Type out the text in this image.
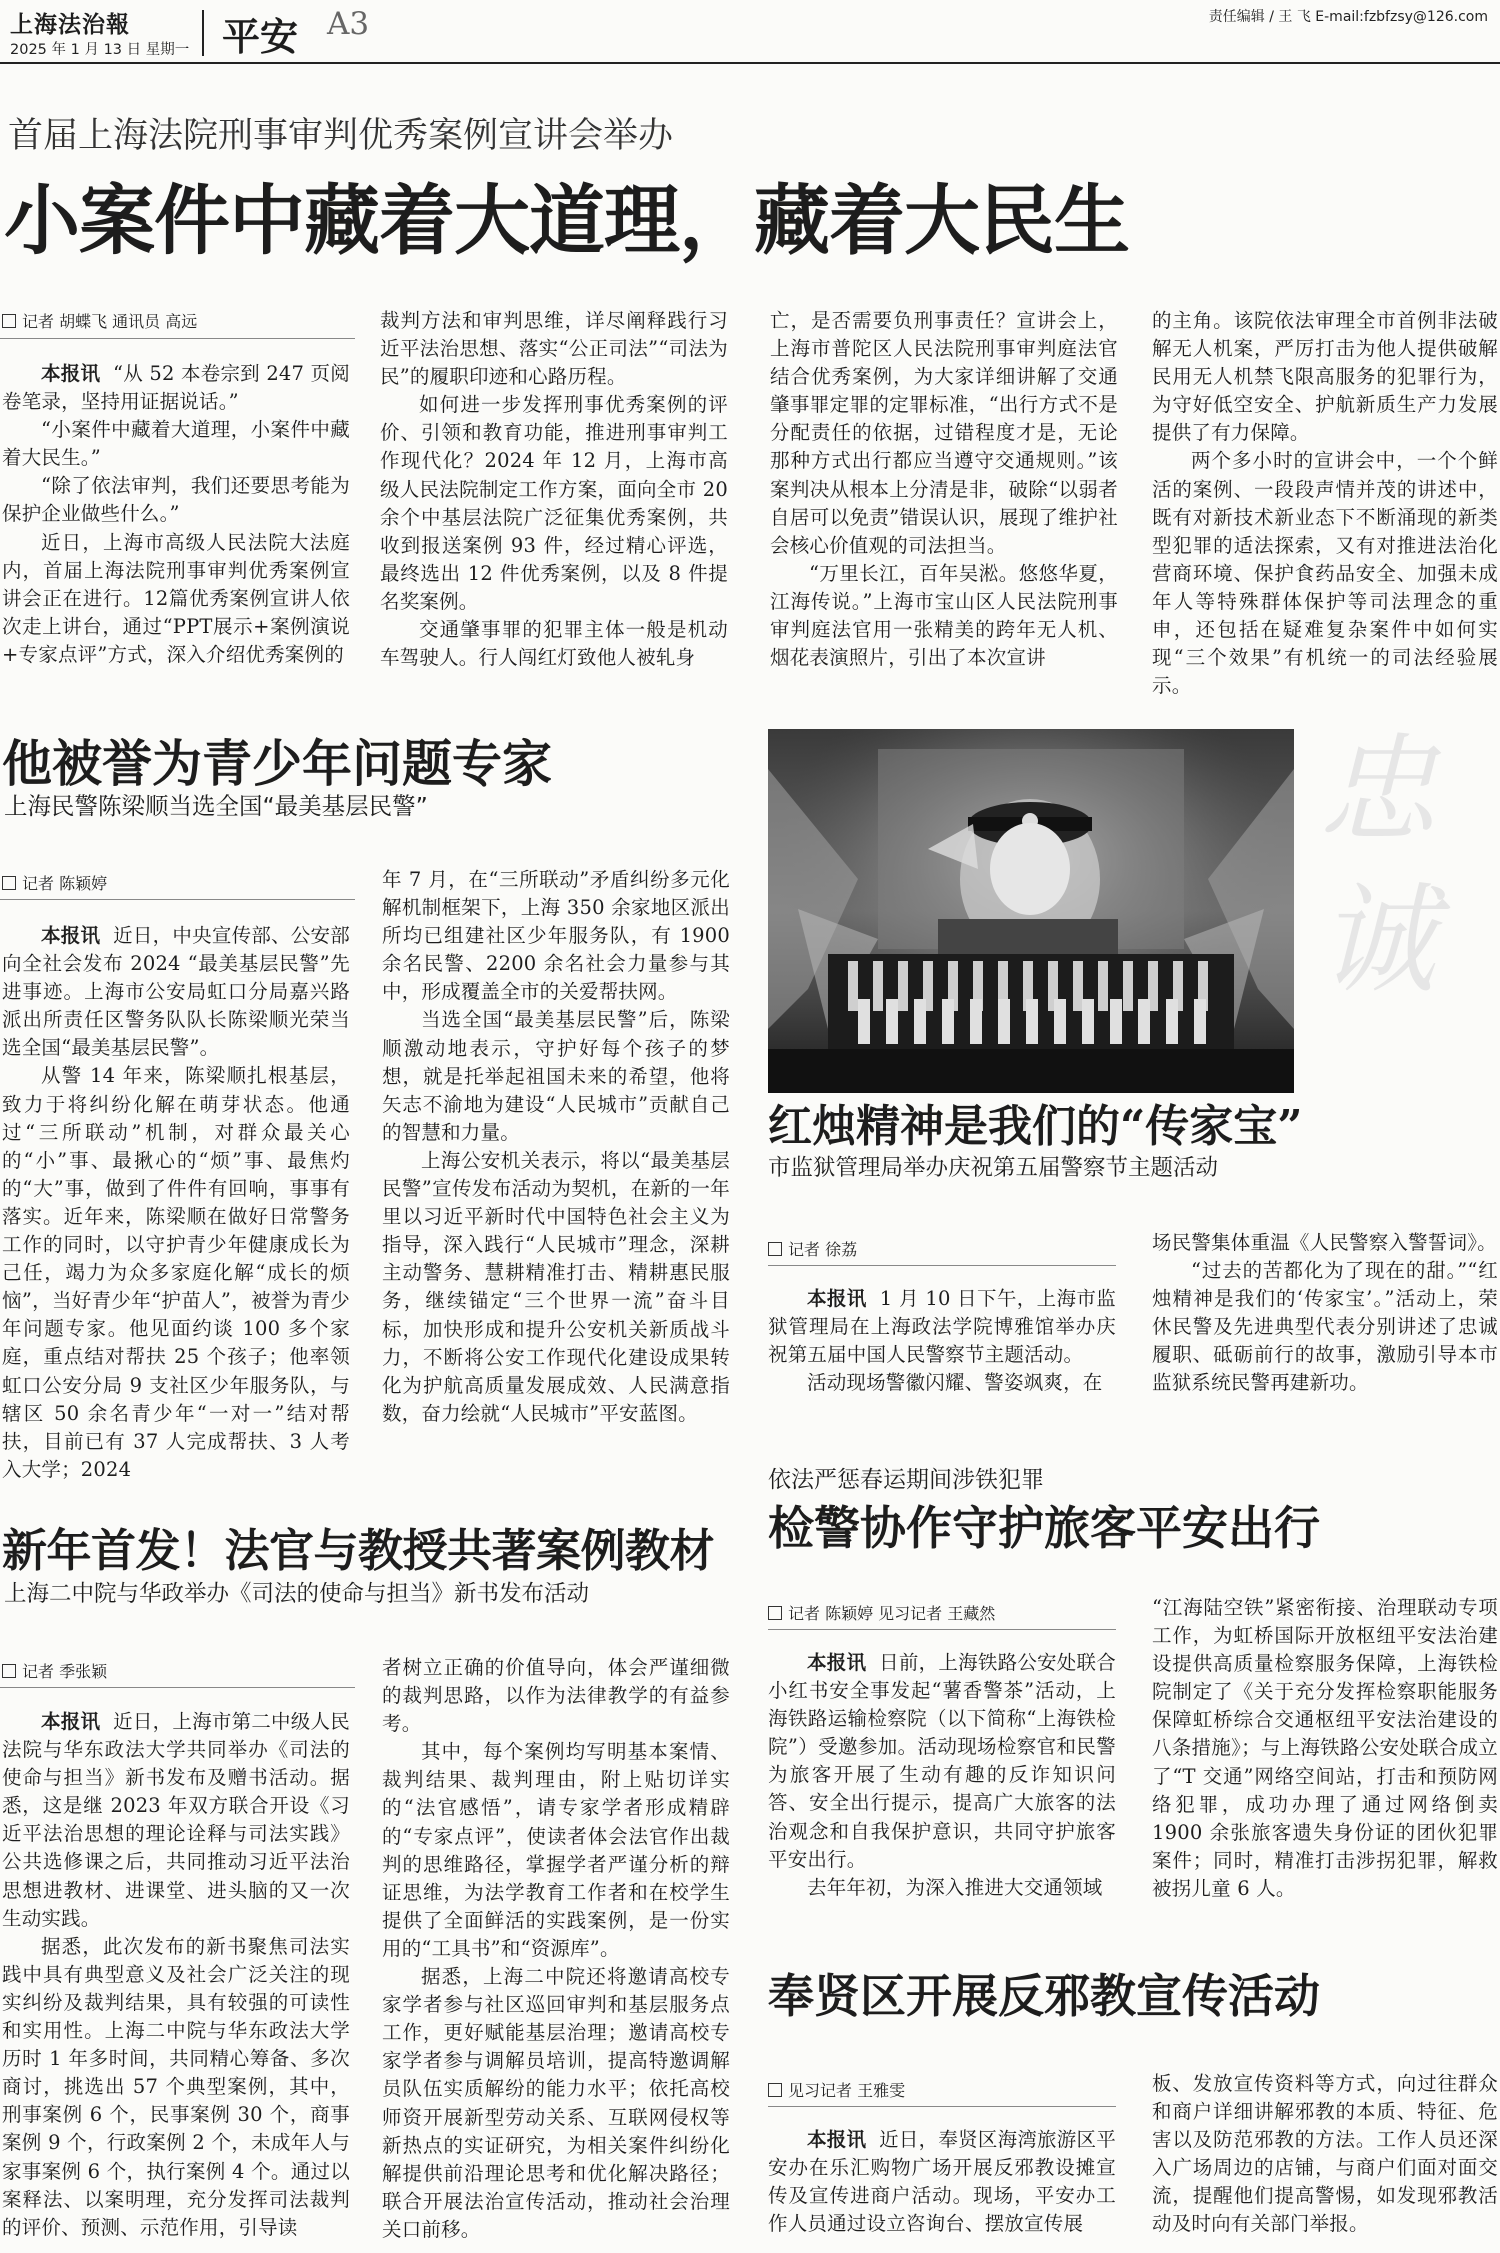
上海法治報
2025 年 1 月 13 日 星期一 平安 A3	责任编辑 / 王 飞 E-mail:fzbfzsy@126.com
首届上海法院刑事审判优秀案例宣讲会举办
小案件中藏着大道理，藏着大民生
记者 胡蝶飞 通讯员 高远

本报讯 “从 52 本卷宗到 247 页阅卷笔录，坚持用证据说话。”

“小案件中藏着大道理，小案件中藏着大民生。”

“除了依法审判，我们还要思考能为保护企业做些什么。”

近日，上海市高级人民法院大法庭内，首届上海法院刑事审判优秀案例宣讲会正在进行。12篇优秀案例宣讲人依次走上讲台，通过“PPT展示+案例演说+专家点评”方式，深入介绍优秀案例的

裁判方法和审判思维，详尽阐释践行习近平法治思想、落实“公正司法”“司法为民”的履职印迹和心路历程。

如何进一步发挥刑事优秀案例的评价、引领和教育功能，推进刑事审判工作现代化？2024 年 12 月，上海市高级人民法院制定工作方案，面向全市 20 余个中基层法院广泛征集优秀案例，共收到报送案例 93 件，经过精心评选，最终选出 12 件优秀案例，以及 8 件提名奖案例。

交通肇事罪的犯罪主体一般是机动车驾驶人。行人闯红灯致他人被轧身

亡，是否需要负刑事责任？宣讲会上，上海市普陀区人民法院刑事审判庭法官结合优秀案例，为大家详细讲解了交通肇事罪定罪的定罪标准，“出行方式不是分配责任的依据，过错程度才是，无论那种方式出行都应当遵守交通规则。”该案判决从根本上分清是非，破除“以弱者自居可以免责”错误认识，展现了维护社会核心价值观的司法担当。

“万里长江，百年吴淞。悠悠华夏，江海传说。”上海市宝山区人民法院刑事审判庭法官用一张精美的跨年无人机、烟花表演照片，引出了本次宣讲

的主角。该院依法审理全市首例非法破解无人机案，严厉打击为他人提供破解民用无人机禁飞限高服务的犯罪行为，为守好低空安全、护航新质生产力发展提供了有力保障。

两个多小时的宣讲会中，一个个鲜活的案例、一段段声情并茂的讲述中，既有对新技术新业态下不断涌现的新类型犯罪的适法探索，又有对推进法治化营商环境、保护食药品安全、加强未成年人等特殊群体保护等司法理念的重申，还包括在疑难复杂案件中如何实现“三个效果”有机统一的司法经验展示。

他被誉为青少年问题专家
上海民警陈梁顺当选全国“最美基层民警”
记者 陈颖婷

本报讯 近日，中央宣传部、公安部向全社会发布 2024 “最美基层民警”先进事迹。上海市公安局虹口分局嘉兴路派出所责任区警务队队长陈梁顺光荣当选全国“最美基层民警”。

从警 14 年来，陈梁顺扎根基层，致力于将纠纷化解在萌芽状态。他通过“三所联动”机制，对群众最关心的“小”事、最揪心的“烦”事、最焦灼的“大”事，做到了件件有回响，事事有落实。近年来，陈梁顺在做好日常警务工作的同时，以守护青少年健康成长为己任，竭力为众多家庭化解“成长的烦恼”，当好青少年“护苗人”，被誉为青少年问题专家。他见面约谈 100 多个家庭，重点结对帮扶 25 个孩子；他率领虹口公安分局 9 支社区少年服务队，与辖区 50 余名青少年“一对一”结对帮扶，目前已有 37 人完成帮扶、3 人考入大学；2024

年 7 月，在“三所联动”矛盾纠纷多元化解机制框架下，上海 350 余家地区派出所均已组建社区少年服务队，有 1900 余名民警、2200 余名社会力量参与其中，形成覆盖全市的关爱帮扶网。

当选全国“最美基层民警”后，陈梁顺激动地表示，守护好每个孩子的梦想，就是托举起祖国未来的希望，他将矢志不渝地为建设“人民城市”贡献自己的智慧和力量。

上海公安机关表示，将以“最美基层民警”宣传发布活动为契机，在新的一年里以习近平新时代中国特色社会主义为指导，深入践行“人民城市”理念，深耕主动警务、慧耕精准打击、精耕惠民服务，继续锚定“三个世界一流”奋斗目标，加快形成和提升公安机关新质战斗力，不断将公安工作现代化建设成果转化为护航高质量发展成效、人民满意指数，奋力绘就“人民城市”平安蓝图。

忠诚
红烛精神是我们的“传家宝”
市监狱管理局举办庆祝第五届警察节主题活动
记者 徐荔

本报讯 1 月 10 日下午，上海市监狱管理局在上海政法学院博雅馆举办庆祝第五届中国人民警察节主题活动。

活动现场警徽闪耀、警姿飒爽，在

场民警集体重温《人民警察入警誓词》。

“过去的苦都化为了现在的甜。”“红烛精神是我们的‘传家宝’。”活动上，荣休民警及先进典型代表分别讲述了忠诚履职、砥砺前行的故事，激励引导本市监狱系统民警再建新功。

新年首发！法官与教授共著案例教材
上海二中院与华政举办《司法的使命与担当》新书发布活动
记者 季张颖

本报讯 近日，上海市第二中级人民法院与华东政法大学共同举办《司法的使命与担当》新书发布及赠书活动。据悉，这是继 2023 年双方联合开设《习近平法治思想的理论诠释与司法实践》公共选修课之后，共同推动习近平法治思想进教材、进课堂、进头脑的又一次生动实践。

据悉，此次发布的新书聚焦司法实践中具有典型意义及社会广泛关注的现实纠纷及裁判结果，具有较强的可读性和实用性。上海二中院与华东政法大学历时 1 年多时间，共同精心筹备、多次商讨，挑选出 57 个典型案例，其中，刑事案例 6 个，民事案例 30 个，商事案例 9 个，行政案例 2 个，未成年人与家事案例 6 个，执行案例 4 个。通过以案释法、以案明理，充分发挥司法裁判的评价、预测、示范作用，引导读

者树立正确的价值导向，体会严谨细微的裁判思路，以作为法律教学的有益参考。

其中，每个案例均写明基本案情、裁判结果、裁判理由，附上贴切详实的“法官感悟”，请专家学者形成精辟的“专家点评”，使读者体会法官作出裁判的思维路径，掌握学者严谨分析的辩证思维，为法学教育工作者和在校学生提供了全面鲜活的实践案例，是一份实用的“工具书”和“资源库”。

据悉，上海二中院还将邀请高校专家学者参与社区巡回审判和基层服务点工作，更好赋能基层治理；邀请高校专家学者参与调解员培训，提高特邀调解员队伍实质解纷的能力水平；依托高校师资开展新型劳动关系、互联网侵权等新热点的实证研究，为相关案件纠纷化解提供前沿理论思考和优化解决路径；联合开展法治宣传活动，推动社会治理关口前移。

依法严惩春运期间涉铁犯罪
检警协作守护旅客平安出行
记者 陈颖婷 见习记者 王藏然

本报讯 日前，上海铁路公安处联合小红书安全事发起“薯香警茶”活动，上海铁路运输检察院（以下简称“上海铁检院”）受邀参加。活动现场检察官和民警为旅客开展了生动有趣的反诈知识问答、安全出行提示，提高广大旅客的法治观念和自我保护意识，共同守护旅客平安出行。

去年年初，为深入推进大交通领域

“江海陆空铁”紧密衔接、治理联动专项工作，为虹桥国际开放枢纽平安法治建设提供高质量检察服务保障，上海铁检院制定了《关于充分发挥检察职能服务保障虹桥综合交通枢纽平安法治建设的八条措施》；与上海铁路公安处联合成立了“T 交通”网络空间站，打击和预防网络犯罪，成功办理了通过网络倒卖 1900 余张旅客遗失身份证的团伙犯罪案件；同时，精准打击涉拐犯罪，解救被拐儿童 6 人。

奉贤区开展反邪教宣传活动
见习记者 王雅雯

本报讯 近日，奉贤区海湾旅游区平安办在乐汇购物广场开展反邪教设摊宣传及宣传进商户活动。现场，平安办工作人员通过设立咨询台、摆放宣传展

板、发放宣传资料等方式，向过往群众和商户详细讲解邪教的本质、特征、危害以及防范邪教的方法。工作人员还深入广场周边的店铺，与商户们面对面交流，提醒他们提高警惕，如发现邪教活动及时向有关部门举报。
